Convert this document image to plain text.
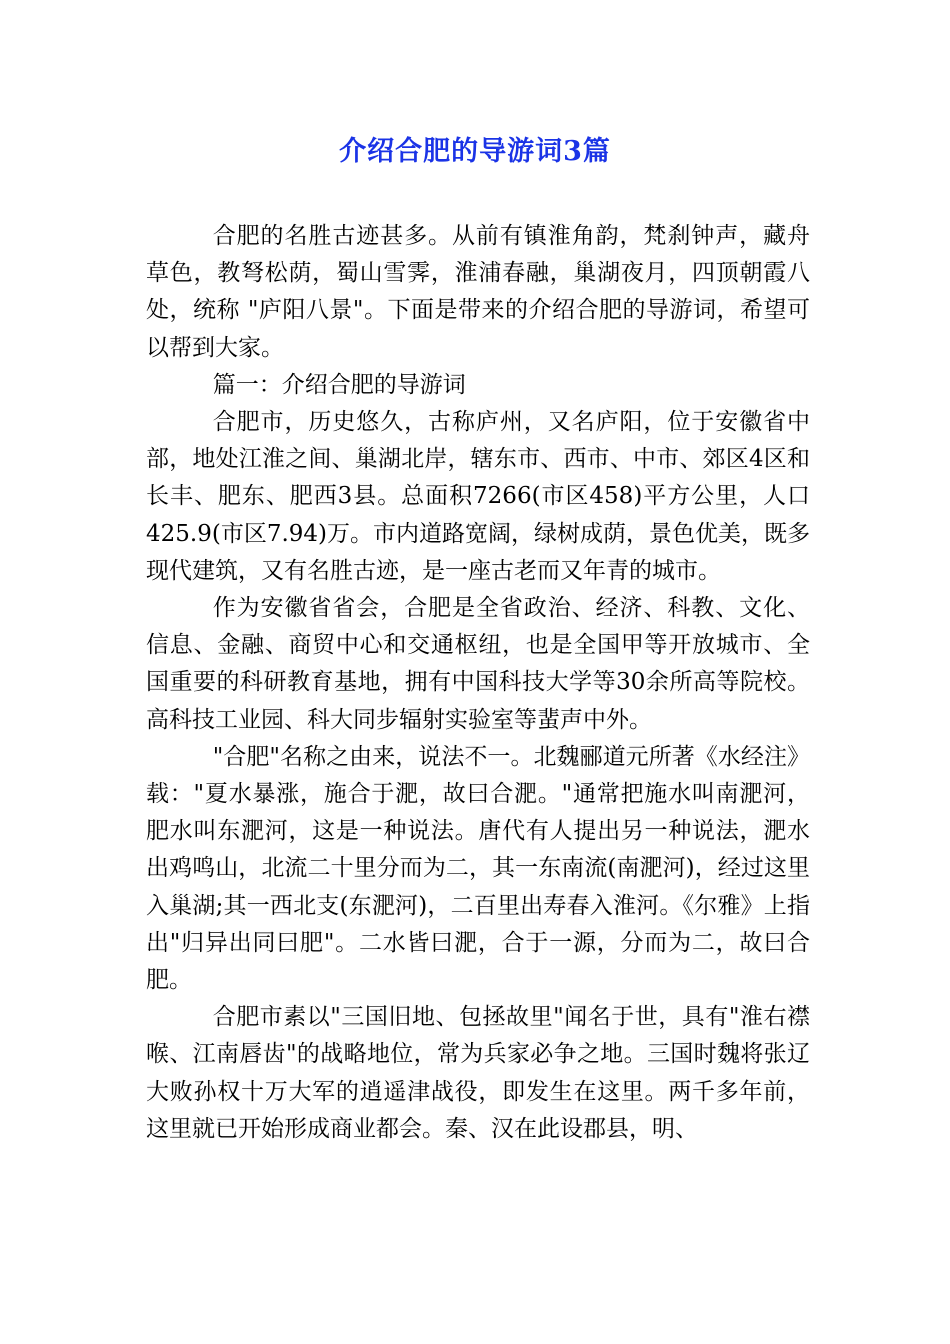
介绍合肥的导游词3篇

合肥的名胜古迹甚多。从前有镇淮角韵，梵刹钟声，藏舟草色，教弩松荫，蜀山雪霁，淮浦春融，巢湖夜月，四顶朝霞八处，统称 "庐阳八景"。下面是带来的介绍合肥的导游词，希望可以帮到大家。

篇一：介绍合肥的导游词

合肥市，历史悠久，古称庐州，又名庐阳，位于安徽省中部，地处江淮之间、巢湖北岸，辖东市、西市、中市、郊区4区和长丰、肥东、肥西3县。总面积7266(市区458)平方公里，人口425.9(市区7.94)万。市内道路宽阔，绿树成荫，景色优美，既多现代建筑，又有名胜古迹，是一座古老而又年青的城市。

作为安徽省省会，合肥是全省政治、经济、科教、文化、信息、金融、商贸中心和交通枢纽，也是全国甲等开放城市、全国重要的科研教育基地，拥有中国科技大学等30余所高等院校。高科技工业园、科大同步辐射实验室等蜚声中外。

"合肥"名称之由来，说法不一。北魏郦道元所著《水经注》载："夏水暴涨，施合于淝，故曰合淝。"通常把施水叫南淝河，肥水叫东淝河，这是一种说法。唐代有人提出另一种说法，淝水出鸡鸣山，北流二十里分而为二，其一东南流(南淝河)，经过这里入巢湖;其一西北支(东淝河)，二百里出寿春入淮河。《尔雅》上指出"归异出同曰肥"。二水皆曰淝，合于一源，分而为二，故曰合肥。

合肥市素以"三国旧地、包拯故里"闻名于世，具有"淮右襟喉、江南唇齿"的战略地位，常为兵家必争之地。三国时魏将张辽大败孙权十万大军的逍遥津战役，即发生在这里。两千多年前，这里就已开始形成商业都会。秦、汉在此设郡县，明、
